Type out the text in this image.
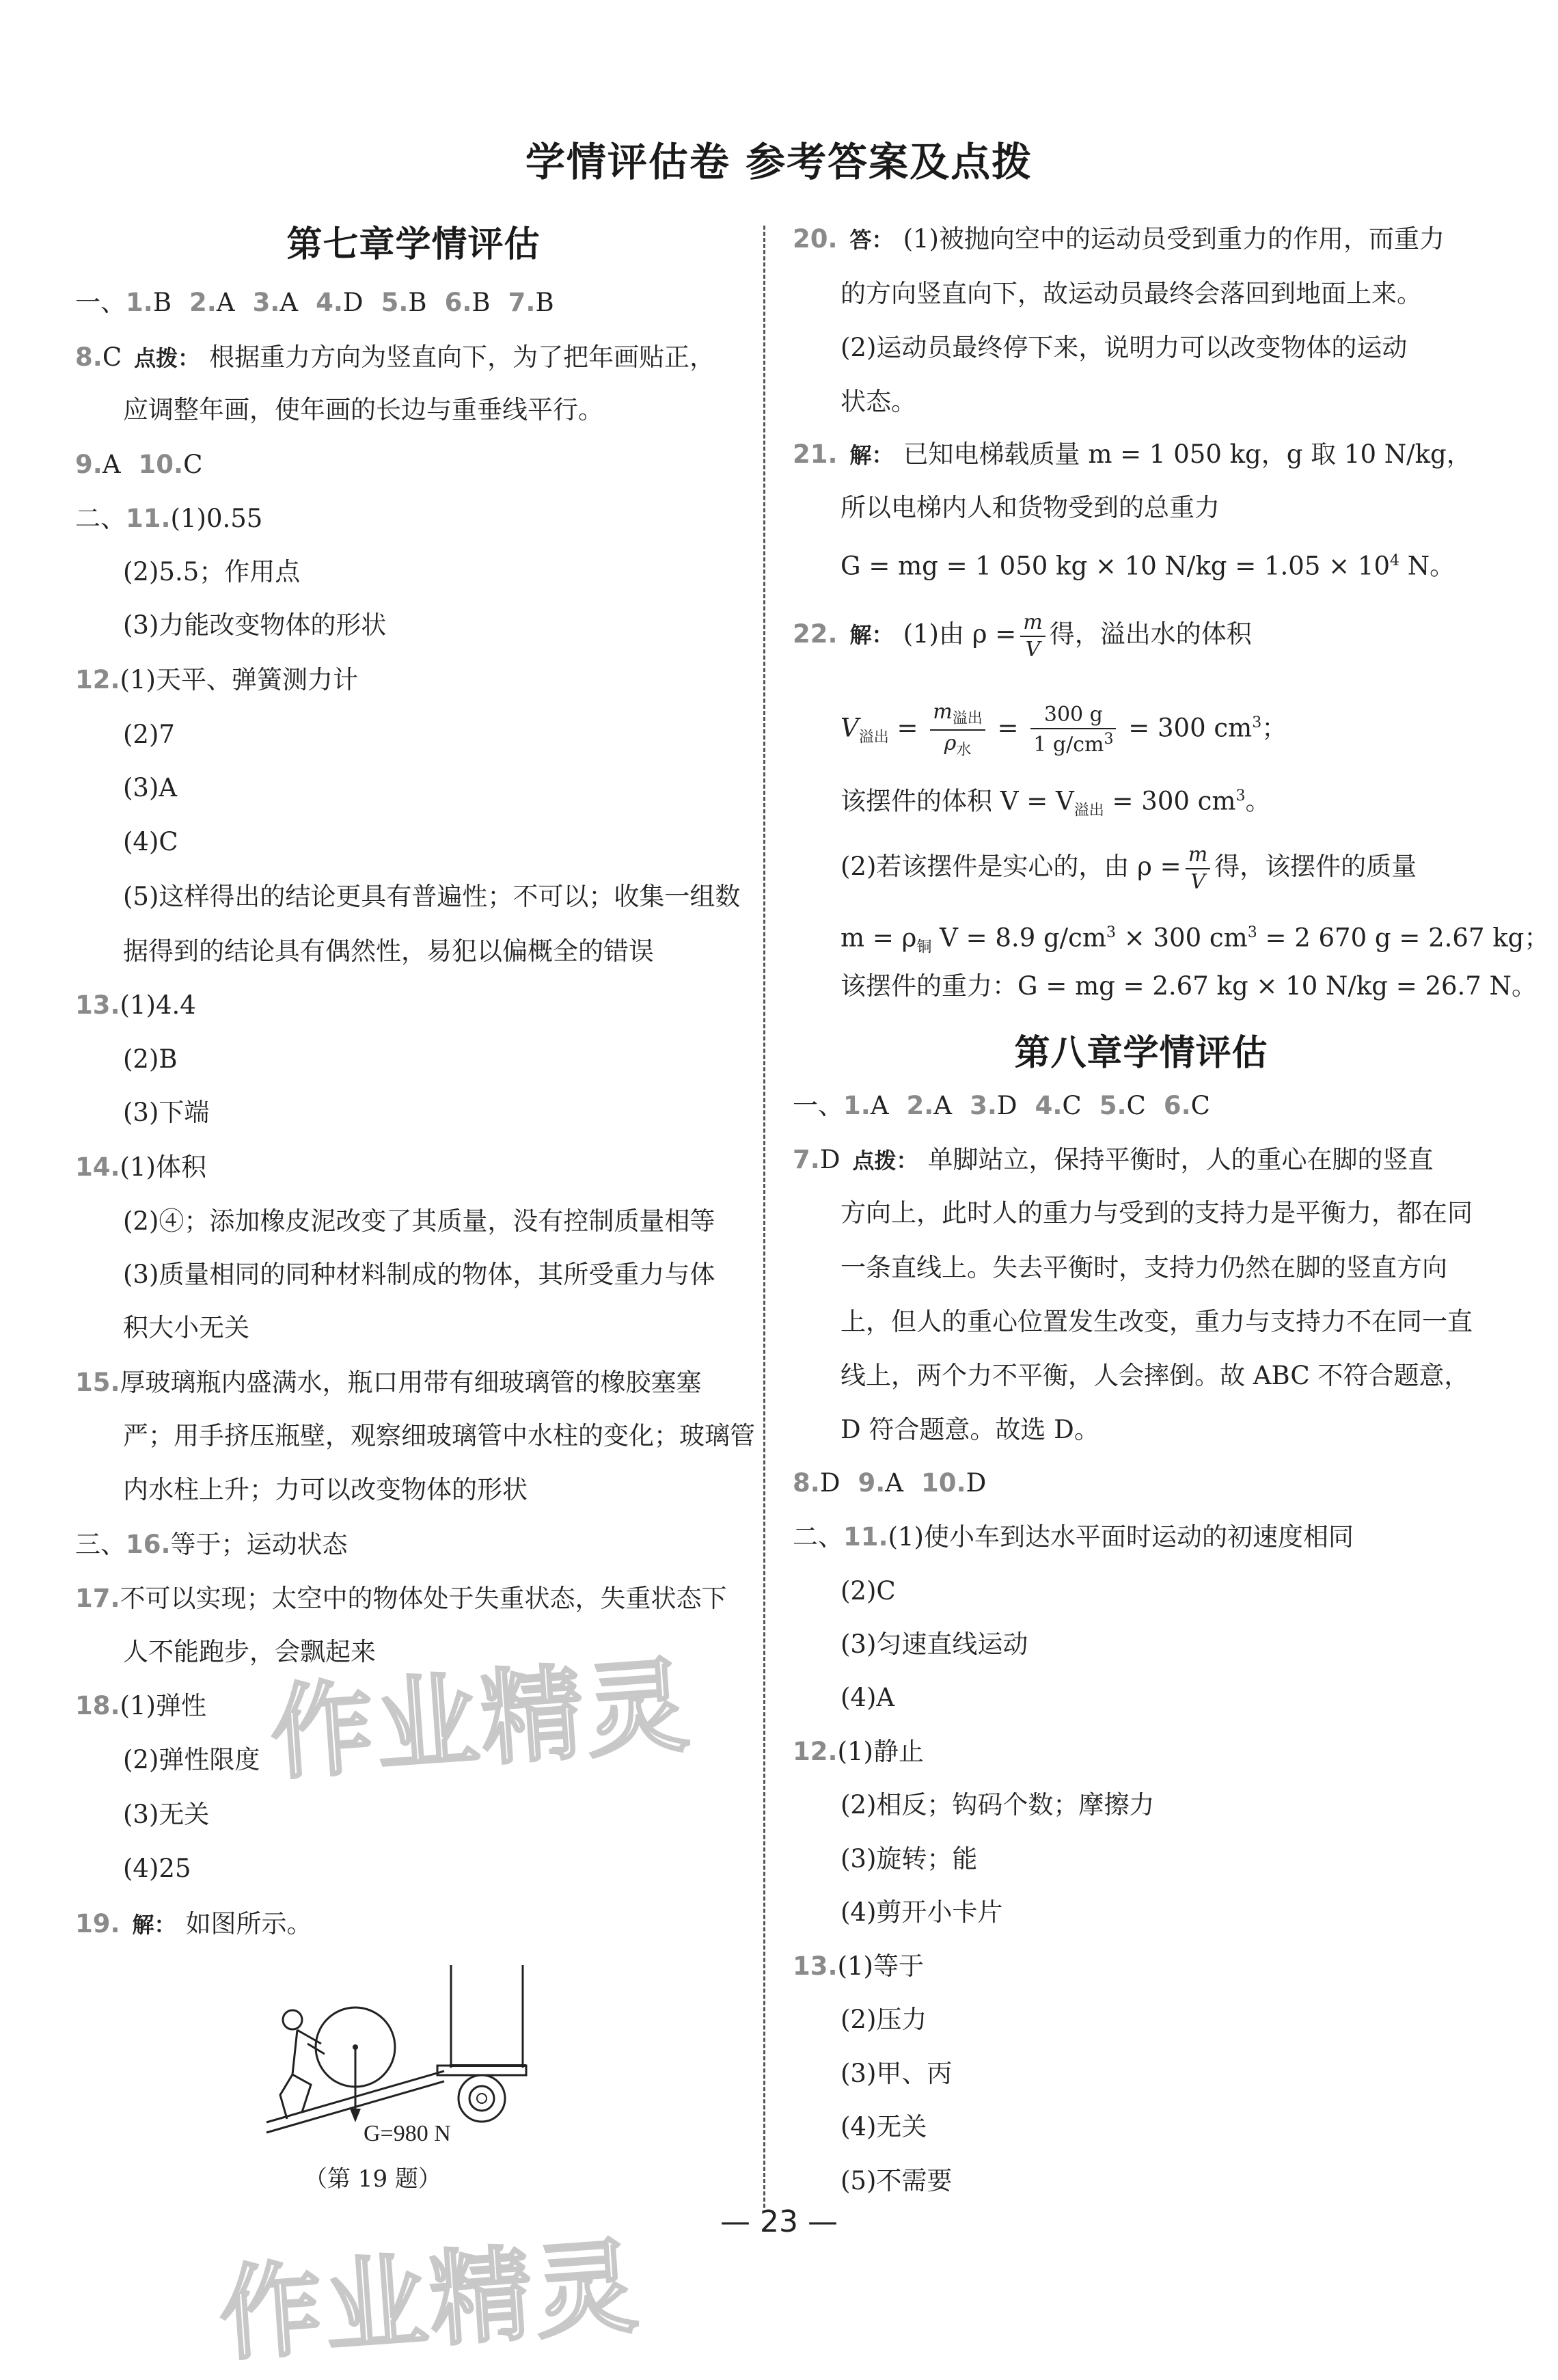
学情评估卷 参考答案及点拨
第七章学情评估
一、1.B 2.A 3.A 4.D 5.B 6.B 7.B
8.C 点拨： 根据重力方向为竖直向下，为了把年画贴正，
应调整年画，使年画的长边与重垂线平行。
9.A 10.C
二、11.(1)0.55
(2)5.5；作用点
(3)力能改变物体的形状
12.(1)天平、弹簧测力计
(2)7
(3)A
(4)C
(5)这样得出的结论更具有普遍性；不可以；收集一组数
据得到的结论具有偶然性，易犯以偏概全的错误
13.(1)4.4
(2)B
(3)下端
14.(1)体积
(2)④；添加橡皮泥改变了其质量，没有控制质量相等
(3)质量相同的同种材料制成的物体，其所受重力与体
积大小无关
15.厚玻璃瓶内盛满水，瓶口用带有细玻璃管的橡胶塞塞
严；用手挤压瓶壁，观察细玻璃管中水柱的变化；玻璃管
内水柱上升；力可以改变物体的形状
三、16.等于；运动状态
17.不可以实现；太空中的物体处于失重状态，失重状态下
人不能跑步，会飘起来
18.(1)弹性
(2)弹性限度
(3)无关
(4)25
19. 解： 如图所示。
G=980 N
（第 19 题）
20. 答： (1)被抛向空中的运动员受到重力的作用，而重力
的方向竖直向下，故运动员最终会落回到地面上来。
(2)运动员最终停下来，说明力可以改变物体的运动
状态。
21. 解： 已知电梯载质量 m = 1 050 kg，g 取 10 N/kg，
所以电梯内人和货物受到的总重力
G = mg = 1 050 kg × 10 $N/kg = 1.05 \times 10^4$ N。
22. 解： (1)由 $\rho = \frac{m}{V}$ 得，溢出水的体积
$V_{溢出} = \frac{m_{溢出}}{\rho_水} = \frac{300 g}{1 g/cm^3} = 300$ $cm^3$；
该摆件的体积 $V = V_{溢出} = 300$ $cm^3$。
(2)若该摆件是实心的，由 $\rho = \frac{m}{V}$ 得，该摆件的质量
$m = \rho_铜$ V = 8.9 $g/cm^3 \times 300$ $cm^3 = 2$ 670 g = 2.67 kg；
该摆件的重力：G = mg = 2.67 kg × 10 N/kg = 26.7 N。
第八章学情评估
一、1.A 2.A 3.D 4.C 5.C 6.C
7.D 点拨： 单脚站立，保持平衡时，人的重心在脚的竖直
方向上，此时人的重力与受到的支持力是平衡力，都在同
一条直线上。失去平衡时，支持力仍然在脚的竖直方向
上，但人的重心位置发生改变，重力与支持力不在同一直
线上，两个力不平衡，人会摔倒。故 ABC 不符合题意，
D 符合题意。故选 D。
8.D 9.A 10.D
二、11.(1)使小车到达水平面时运动的初速度相同
(2)C
(3)匀速直线运动
(4)A
12.(1)静止
(2)相反；钩码个数；摩擦力
(3)旋转；能
(4)剪开小卡片
13.(1)等于
(2)压力
(3)甲、丙
(4)无关
(5)不需要
作业精灵
作业精灵
— 23 —
